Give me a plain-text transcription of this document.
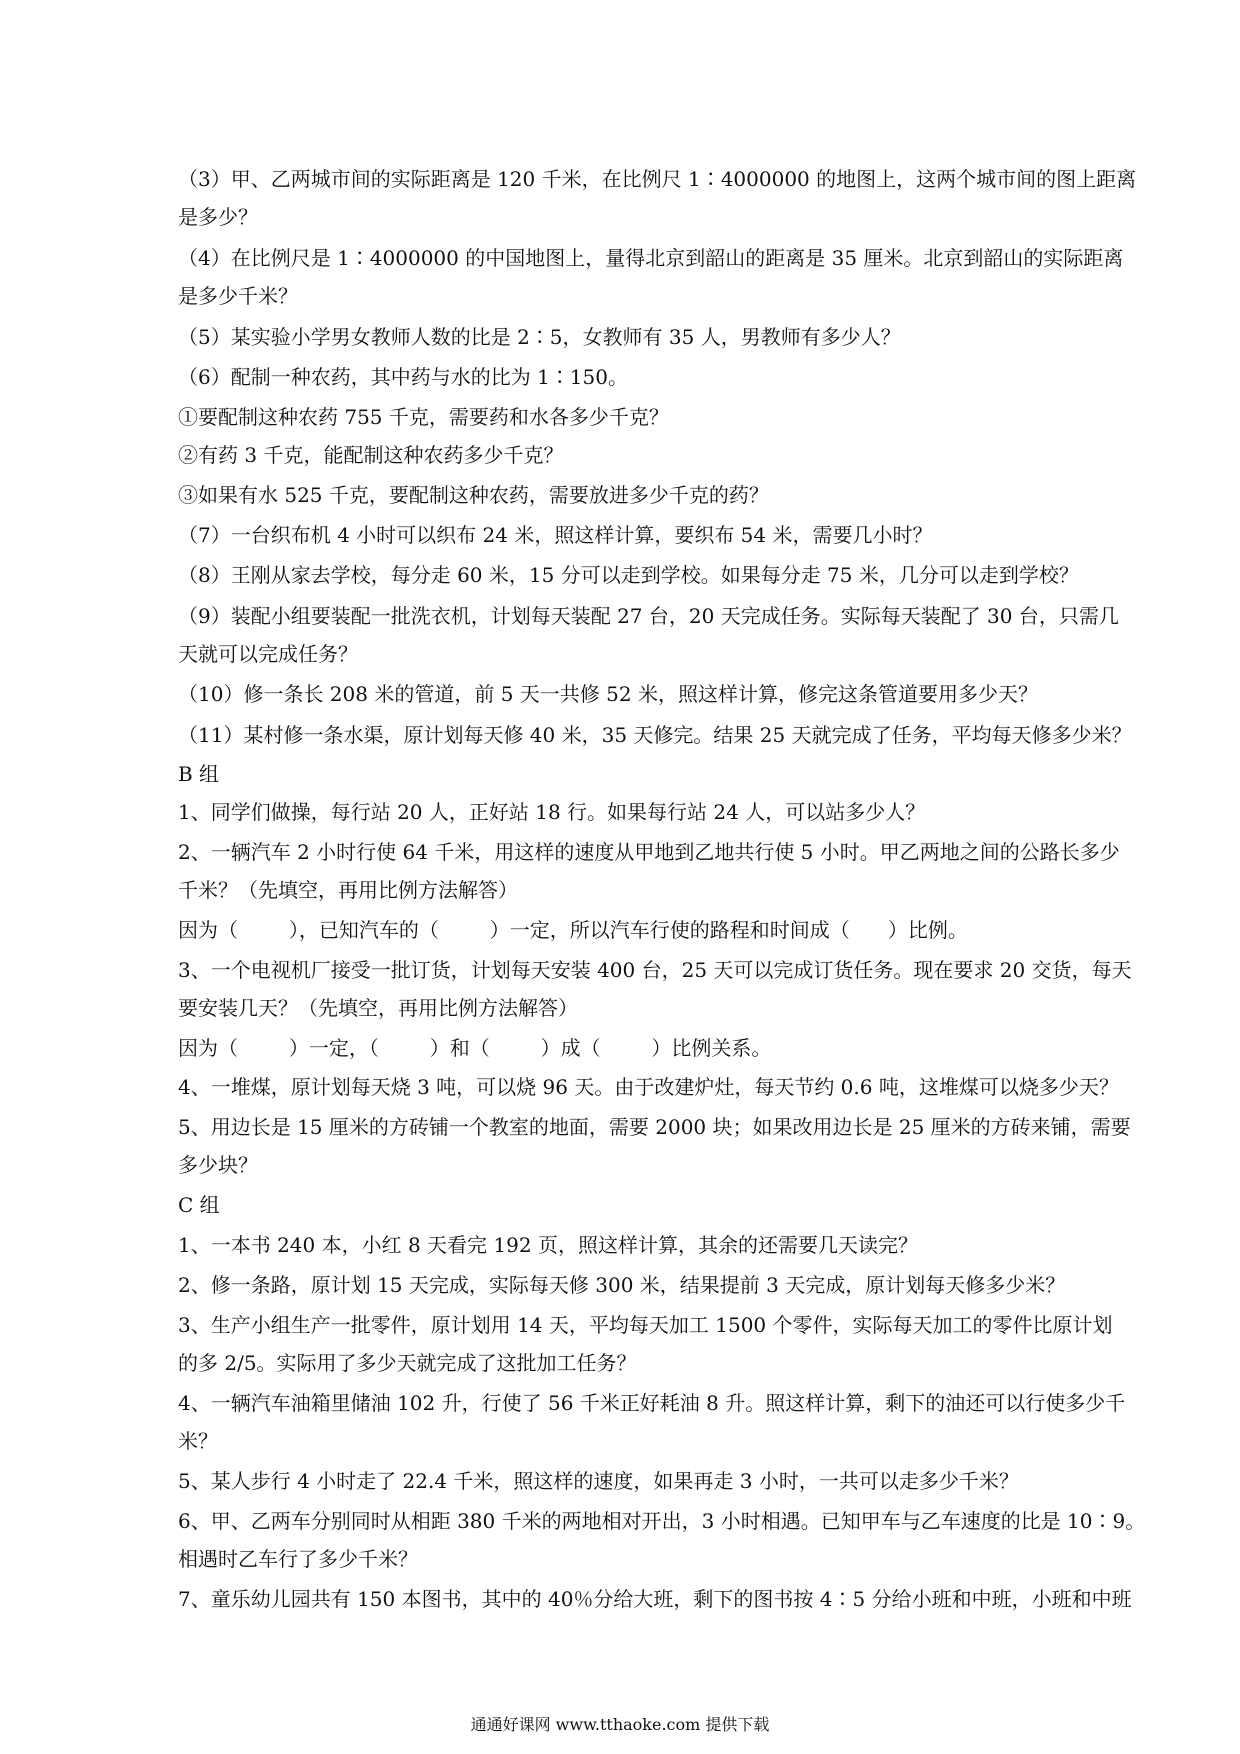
（3）甲、乙两城市间的实际距离是 120 千米，在比例尺 1∶4000000 的地图上，这两个城市间的图上距离
是多少？
（4）在比例尺是 1∶4000000 的中国地图上，量得北京到韶山的距离是 35 厘米。北京到韶山的实际距离
是多少千米？
（5）某实验小学男女教师人数的比是 2∶5，女教师有 35 人，男教师有多少人？
（6）配制一种农药，其中药与水的比为 1∶150。
①要配制这种农药 755 千克，需要药和水各多少千克？
②有药 3 千克，能配制这种农药多少千克？
③如果有水 525 千克，要配制这种农药，需要放进多少千克的药？
（7）一台织布机 4 小时可以织布 24 米，照这样计算，要织布 54 米，需要几小时？
（8）王刚从家去学校，每分走 60 米，15 分可以走到学校。如果每分走 75 米，几分可以走到学校？
（9）装配小组要装配一批洗衣机，计划每天装配 27 台，20 天完成任务。实际每天装配了 30 台，只需几
天就可以完成任务？
（10）修一条长 208 米的管道，前 5 天一共修 52 米，照这样计算，修完这条管道要用多少天？
（11）某村修一条水渠，原计划每天修 40 米，35 天修完。结果 25 天就完成了任务，平均每天修多少米？
B 组
1、同学们做操，每行站 20 人，正好站 18 行。如果每行站 24 人，可以站多少人？
2、一辆汽车 2 小时行使 64 千米，用这样的速度从甲地到乙地共行使 5 小时。甲乙两地之间的公路长多少
千米？（先填空，再用比例方法解答）
因为（        ），已知汽车的（        ）一定，所以汽车行使的路程和时间成（      ）比例。
3、一个电视机厂接受一批订货，计划每天安装 400 台，25 天可以完成订货任务。现在要求 20 交货，每天
要安装几天？（先填空，再用比例方法解答）
因为（        ）一定，（        ）和（        ）成（        ）比例关系。
4、一堆煤，原计划每天烧 3 吨，可以烧 96 天。由于改建炉灶，每天节约 0.6 吨，这堆煤可以烧多少天？
5、用边长是 15 厘米的方砖铺一个教室的地面，需要 2000 块；如果改用边长是 25 厘米的方砖来铺，需要
多少块？
C 组
1、一本书 240 本，小红 8 天看完 192 页，照这样计算，其余的还需要几天读完？
2、修一条路，原计划 15 天完成，实际每天修 300 米，结果提前 3 天完成，原计划每天修多少米？
3、生产小组生产一批零件，原计划用 14 天，平均每天加工 1500 个零件，实际每天加工的零件比原计划
的多 2/5。实际用了多少天就完成了这批加工任务？
4、一辆汽车油箱里储油 102 升，行使了 56 千米正好耗油 8 升。照这样计算，剩下的油还可以行使多少千
米？
5、某人步行 4 小时走了 22.4 千米，照这样的速度，如果再走 3 小时，一共可以走多少千米？
6、甲、乙两车分别同时从相距 380 千米的两地相对开出，3 小时相遇。已知甲车与乙车速度的比是 10∶9。
相遇时乙车行了多少千米？
7、童乐幼儿园共有 150 本图书，其中的 40％分给大班，剩下的图书按 4∶5 分给小班和中班，小班和中班
通通好课网 www.tthaoke.com 提供下载
